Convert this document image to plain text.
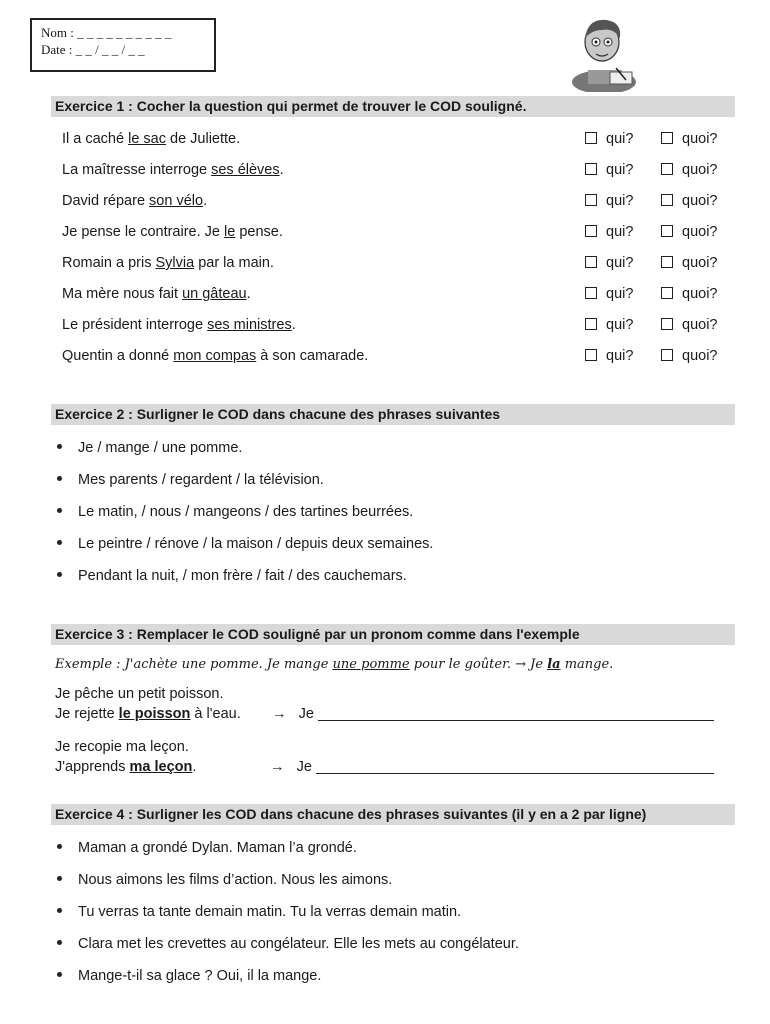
Nom : _ _ _ _ _ _ _ _ _ _
Date : _ _ / _ _ / _ _
Exercice 1 : Cocher la question qui permet de trouver le COD souligné.
Il a caché le sac de Juliette.	qui?	quoi?
La maîtresse interroge ses élèves.	qui?	quoi?
David répare son vélo.	qui?	quoi?
Je pense le contraire. Je le pense.	qui?	quoi?
Romain a pris Sylvia par la main.	qui?	quoi?
Ma mère nous fait un gâteau.	qui?	quoi?
Le président interroge ses ministres.	qui?	quoi?
Quentin a donné mon compas à son camarade.	qui?	quoi?
Exercice 2 : Surligner le COD dans chacune des phrases suivantes
Je / mange / une pomme.
Mes parents / regardent / la télévision.
Le matin, / nous / mangeons / des tartines beurrées.
Le peintre / rénove / la maison / depuis deux semaines.
Pendant la nuit, / mon frère / fait / des cauchemars.
Exercice 3 : Remplacer le COD souligné par un pronom comme dans l'exemple
Exemple : J'achète une pomme. Je mange une pomme pour le goûter. → Je la mange.
Je pêche un petit poisson.
Je rejette le poisson à l'eau. → Je
Je recopie ma leçon.
J'apprends ma leçon.	→ Je
Exercice 4 : Surligner les COD dans chacune des phrases suivantes (il y en a 2 par ligne)
Maman a grondé Dylan. Maman l’a grondé.
Nous aimons les films d’action. Nous les aimons.
Tu verras ta tante demain matin. Tu la verras demain matin.
Clara met les crevettes au congélateur. Elle les mets au congélateur.
Mange-t-il sa glace ? Oui, il la mange.
